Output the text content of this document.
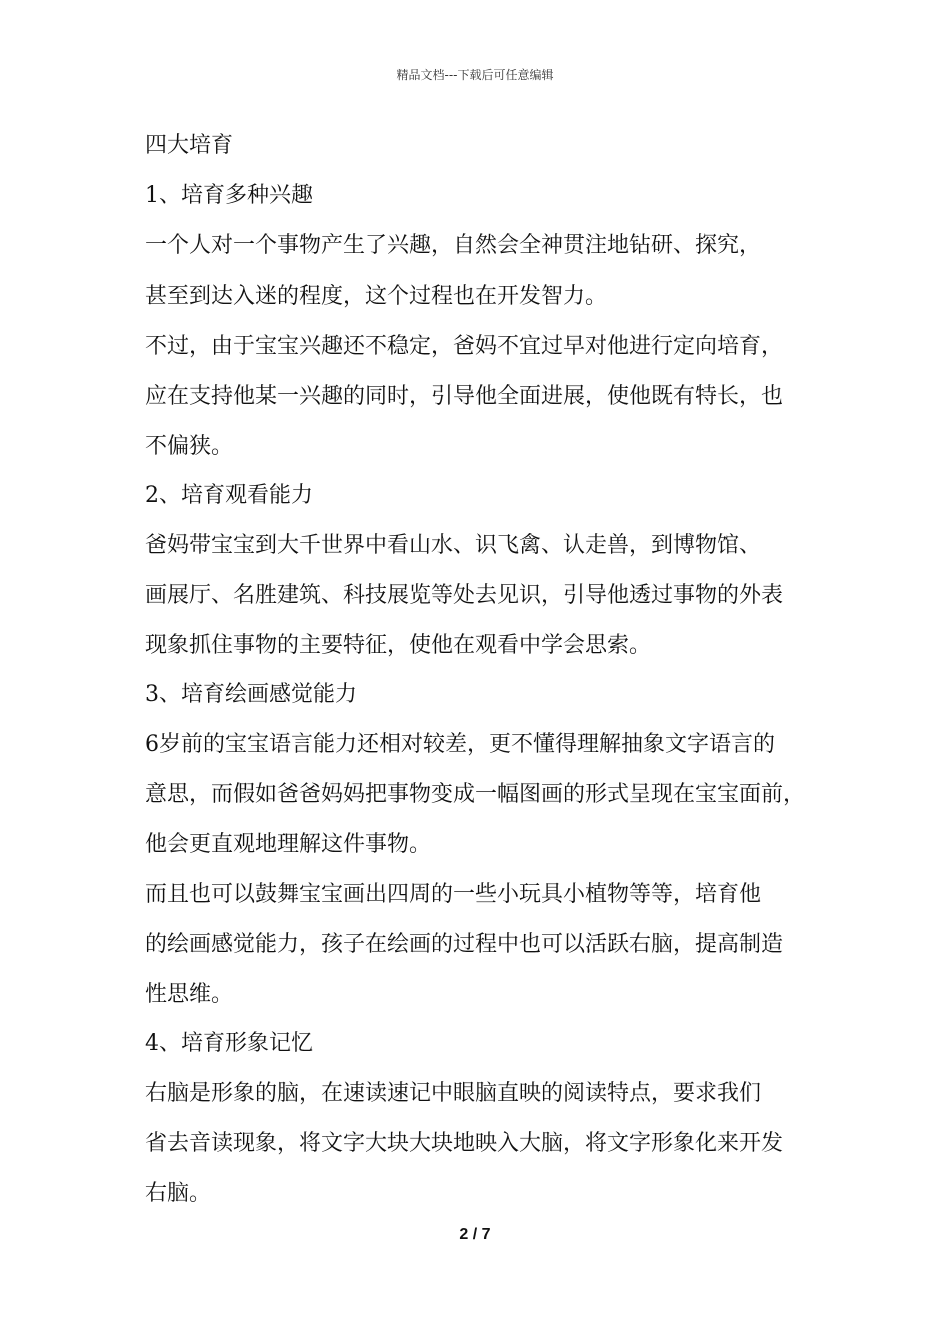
精品文档---下载后可任意编辑
四大培育
1、培育多种兴趣
一个人对一个事物产生了兴趣，自然会全神贯注地钻研、探究，
甚至到达入迷的程度，这个过程也在开发智力。
不过，由于宝宝兴趣还不稳定，爸妈不宜过早对他进行定向培育，
应在支持他某一兴趣的同时，引导他全面进展，使他既有特长，也
不偏狭。
2、培育观看能力
爸妈带宝宝到大千世界中看山水、识飞禽、认走兽，到博物馆、
画展厅、名胜建筑、科技展览等处去见识，引导他透过事物的外表
现象抓住事物的主要特征，使他在观看中学会思索。
3、培育绘画感觉能力
6岁前的宝宝语言能力还相对较差，更不懂得理解抽象文字语言的
意思，而假如爸爸妈妈把事物变成一幅图画的形式呈现在宝宝面前，
他会更直观地理解这件事物。
而且也可以鼓舞宝宝画出四周的一些小玩具小植物等等，培育他
的绘画感觉能力，孩子在绘画的过程中也可以活跃右脑，提高制造
性思维。
4、培育形象记忆
右脑是形象的脑，在速读速记中眼脑直映的阅读特点，要求我们
省去音读现象，将文字大块大块地映入大脑，将文字形象化来开发
右脑。
2 / 7
